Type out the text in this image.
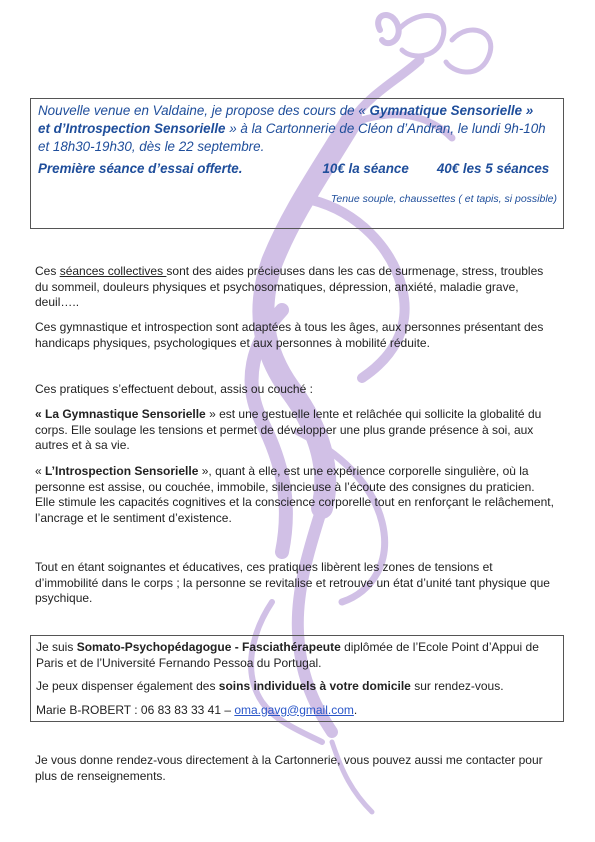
Nouvelle venue en Valdaine, je propose des cours de « Gymnatique Sensorielle »
et d’Introspection Sensorielle » à la Cartonnerie de Cléon d’Andran, le lundi 9h-10h et 18h30-19h30, dès le 22 septembre.

Première séance d’essai offerte.	10€ la séance 40€ les 5 séances

Tenue souple, chaussettes ( et tapis, si possible)

Ces séances collectives sont des aides précieuses dans les cas de surmenage, stress, troubles du sommeil, douleurs physiques et psychosomatiques, dépression, anxiété, maladie grave, deuil…..

Ces gymnastique et introspection sont adaptées à tous les âges, aux personnes présentant des handicaps physiques, psychologiques et aux personnes à mobilité réduite.

Ces pratiques s’effectuent debout, assis ou couché :

« La Gymnastique Sensorielle » est une gestuelle lente et relâchée qui sollicite la globalité du corps. Elle soulage les tensions et permet de développer une plus grande présence à soi, aux autres et à sa vie.

« L’Introspection Sensorielle », quant à elle, est une expérience corporelle singulière, où la personne est assise, ou couchée, immobile, silencieuse à l’écoute des consignes du praticien. Elle stimule les capacités cognitives et la conscience corporelle tout en renforçant le relâchement, l’ancrage et le sentiment d’existence.

Tout en étant soignantes et éducatives, ces pratiques libèrent les zones de tensions et d’immobilité dans le corps ; la personne se revitalise et retrouve un état d’unité tant physique que psychique.

Je suis Somato-Psychopédagogue - Fasciathérapeute diplômée de l’Ecole Point d’Appui de Paris et de l’Université Fernando Pessoa du Portugal.

Je peux dispenser également des soins individuels à votre domicile sur rendez-vous.

Marie B-ROBERT : 06 83 83 33 41 – oma.gavg@gmail.com.

Je vous donne rendez-vous directement à la Cartonnerie, vous pouvez aussi me contacter pour plus de renseignements.
